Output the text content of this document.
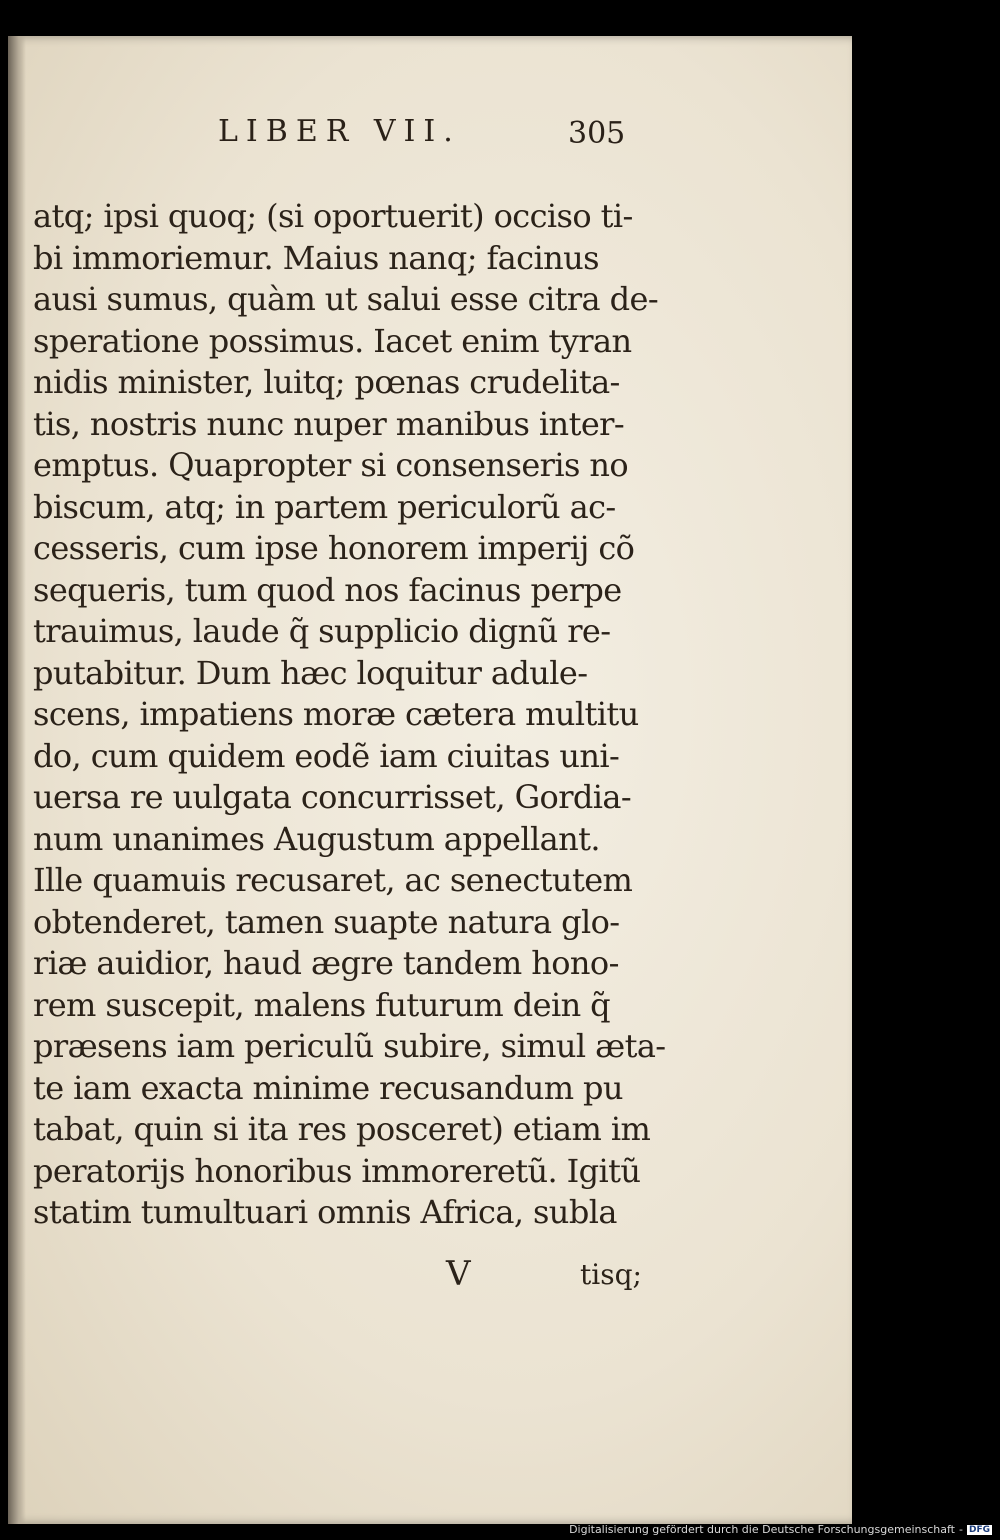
LIBER VII.	305
atq; ipsi quoq; (si oportuerit) occiso ti-
bi immoriemur. Maius nanq; facinus
ausi sumus, quàm ut salui esse citra de-
speratione possimus. Iacet enim tyran
nidis minister, luitq; pœnas crudelita-
tis, nostris nunc nuper manibus inter-
emptus. Quapropter si consenseris no
biscum, atq; in partem periculorũ ac-
cesseris, cum ipse honorem imperij cõ
sequeris, tum quod nos facinus perpe
trauimus, laude q̃ supplicio dignũ re-
putabitur. Dum hæc loquitur adule-
scens, impatiens moræ cætera multitu
do, cum quidem eodẽ iam ciuitas uni-
uersa re uulgata concurrisset, Gordia-
num unanimes Augustum appellant.
Ille quamuis recusaret, ac senectutem
obtenderet, tamen suapte natura glo-
riæ auidior, haud ægre tandem hono-
rem suscepit, malens futurum dein q̃
præsens iam periculũ subire, simul æta-
te iam exacta minime recusandum pu
tabat, quin si ita res posceret) etiam im
peratorijs honoribus immoreretũ. Igitũ
statim tumultuari omnis Africa, subla
V	tisq;
Digitalisierung gefördert durch die Deutsche Forschungsgemeinschaft - DFG
